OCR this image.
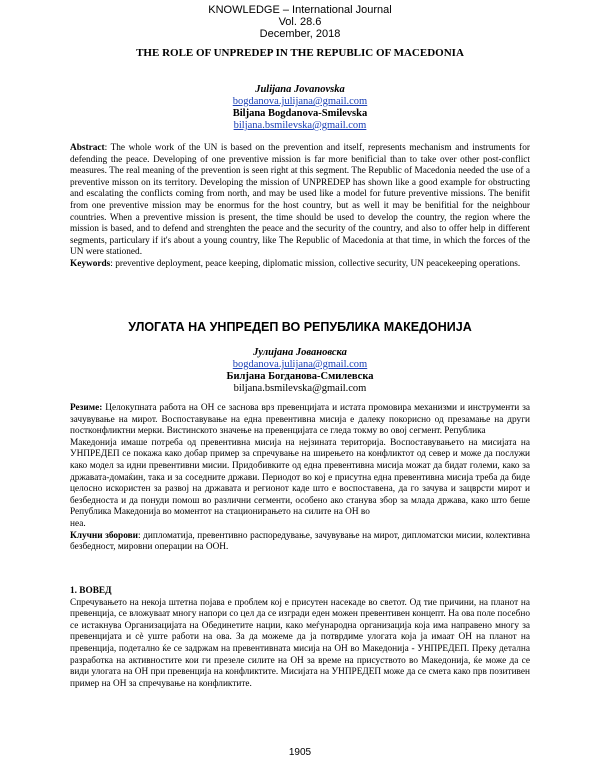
KNOWLEDGE – International Journal
Vol. 28.6
December, 2018
THE ROLE OF UNPREDEP IN THE REPUBLIC OF MACEDONIA
Julijana Jovanovska
bogdanova.julijana@gmail.com
Biljana Bogdanova-Smilevska
biljana.bsmilevska@gmail.com

Abstract: The whole work of the UN is based on the prevention and itself, represents mechanism and instruments for defending the peace. Developing of one preventive mission is far more benificial than to take over other post-conflict measures. The real meaning of the prevention is seen right at this segment. The Republic of Macedonia needed the use of a preventive misson on its territory. Developing the mission of UNPREDEP has shown like a good example for obstructing and escalating the conflicts coming from north, and may be used like a model for future preventive missions. The benifit from one preventive mission may be enormus for the host country, but as well it may be benifitial for the neighbour countries. When a preventive mission is present, the time should be used to develop the country, the region where the mission is based, and to defend and strenghten the peace and the security of the country, and also to offer help in different segments, particulary if it's about a young country, like The Republic of Macedonia at that time, in which the forces of the UN were stationed.

Keywords: preventive deployment, peace keeping, diplomatic mission, collective security, UN peacekeeping operations.

УЛОГАТА НА УНПРЕДЕП ВО РЕПУБЛИКА МАКЕДОНИЈА
Јулијана Јовановска
bogdanova.julijana@gmail.com
Билјана Богданова-Смилевска
biljana.bsmilevska@gmail.com

Резиме: Целокупната работа на ОН се заснова врз превенцијата и истата промовира механизми и инструменти за зачувување на мирот. Воспоставување на една превентивна мисија е далеку покорисно од презамање на други постконфликтни мерки. Вистинското значење на превенцијата се гледа токму во овој сегмент. Република

Македонија имаше потреба од превентивна мисија на нејзината територија. Воспоставувањето на мисијата на УНПРЕДЕП се покажа како добар пример за спречување на ширењето на конфликтот од север и може да послужи како модел за идни превентивни мисии. Придобивките од една превентивна мисија можат да бидат големи, како за државата-домаќин, така и за соседните држави. Периодот во кој е присутна една превентивна мисија треба да биде целосно искористен за развој на државата и регионот каде што е воспоставена, да го зачува и зацврсти мирот и безбедноста и да понуди помош во различни сегменти, особено ако станува збор за млада држава, како што беше Република Македонија во моментот на стационирањето на силите на ОН во

неа.

Клучни зборови: дипломатија, превентивно распоредување, зачувување на мирот, дипломатски мисии, колективна безбедност, мировни операции на ООН.

1. ВОВЕД

Спречувањето на некоја штетна појава е проблем кој е присутен насекаде во светот. Од тие причини, на планот на превенција, се вложуваат многу напори со цел да се изгради еден можен превентивен концепт. На ова поле посебно се истакнува Организацијата на Обединетите нации, како меѓународна организација која има направено многу за превенцијата и сè уште работи на ова. За да можеме да ја потврдиме улогата која ја имаат ОН на планот на превенција, подетално ќе се задржам на превентивната мисија на ОН во Македонија - УНПРЕДЕП. Преку детална разработка на активностите кои ги презеле силите на ОН за време на присуството во Македонија, ќе може да се види улогата на ОН при превенција на конфликтите. Мисијата на УНПРЕДЕП може да се смета како прв позитивен пример на ОН за спречување на конфликтите.

1905
